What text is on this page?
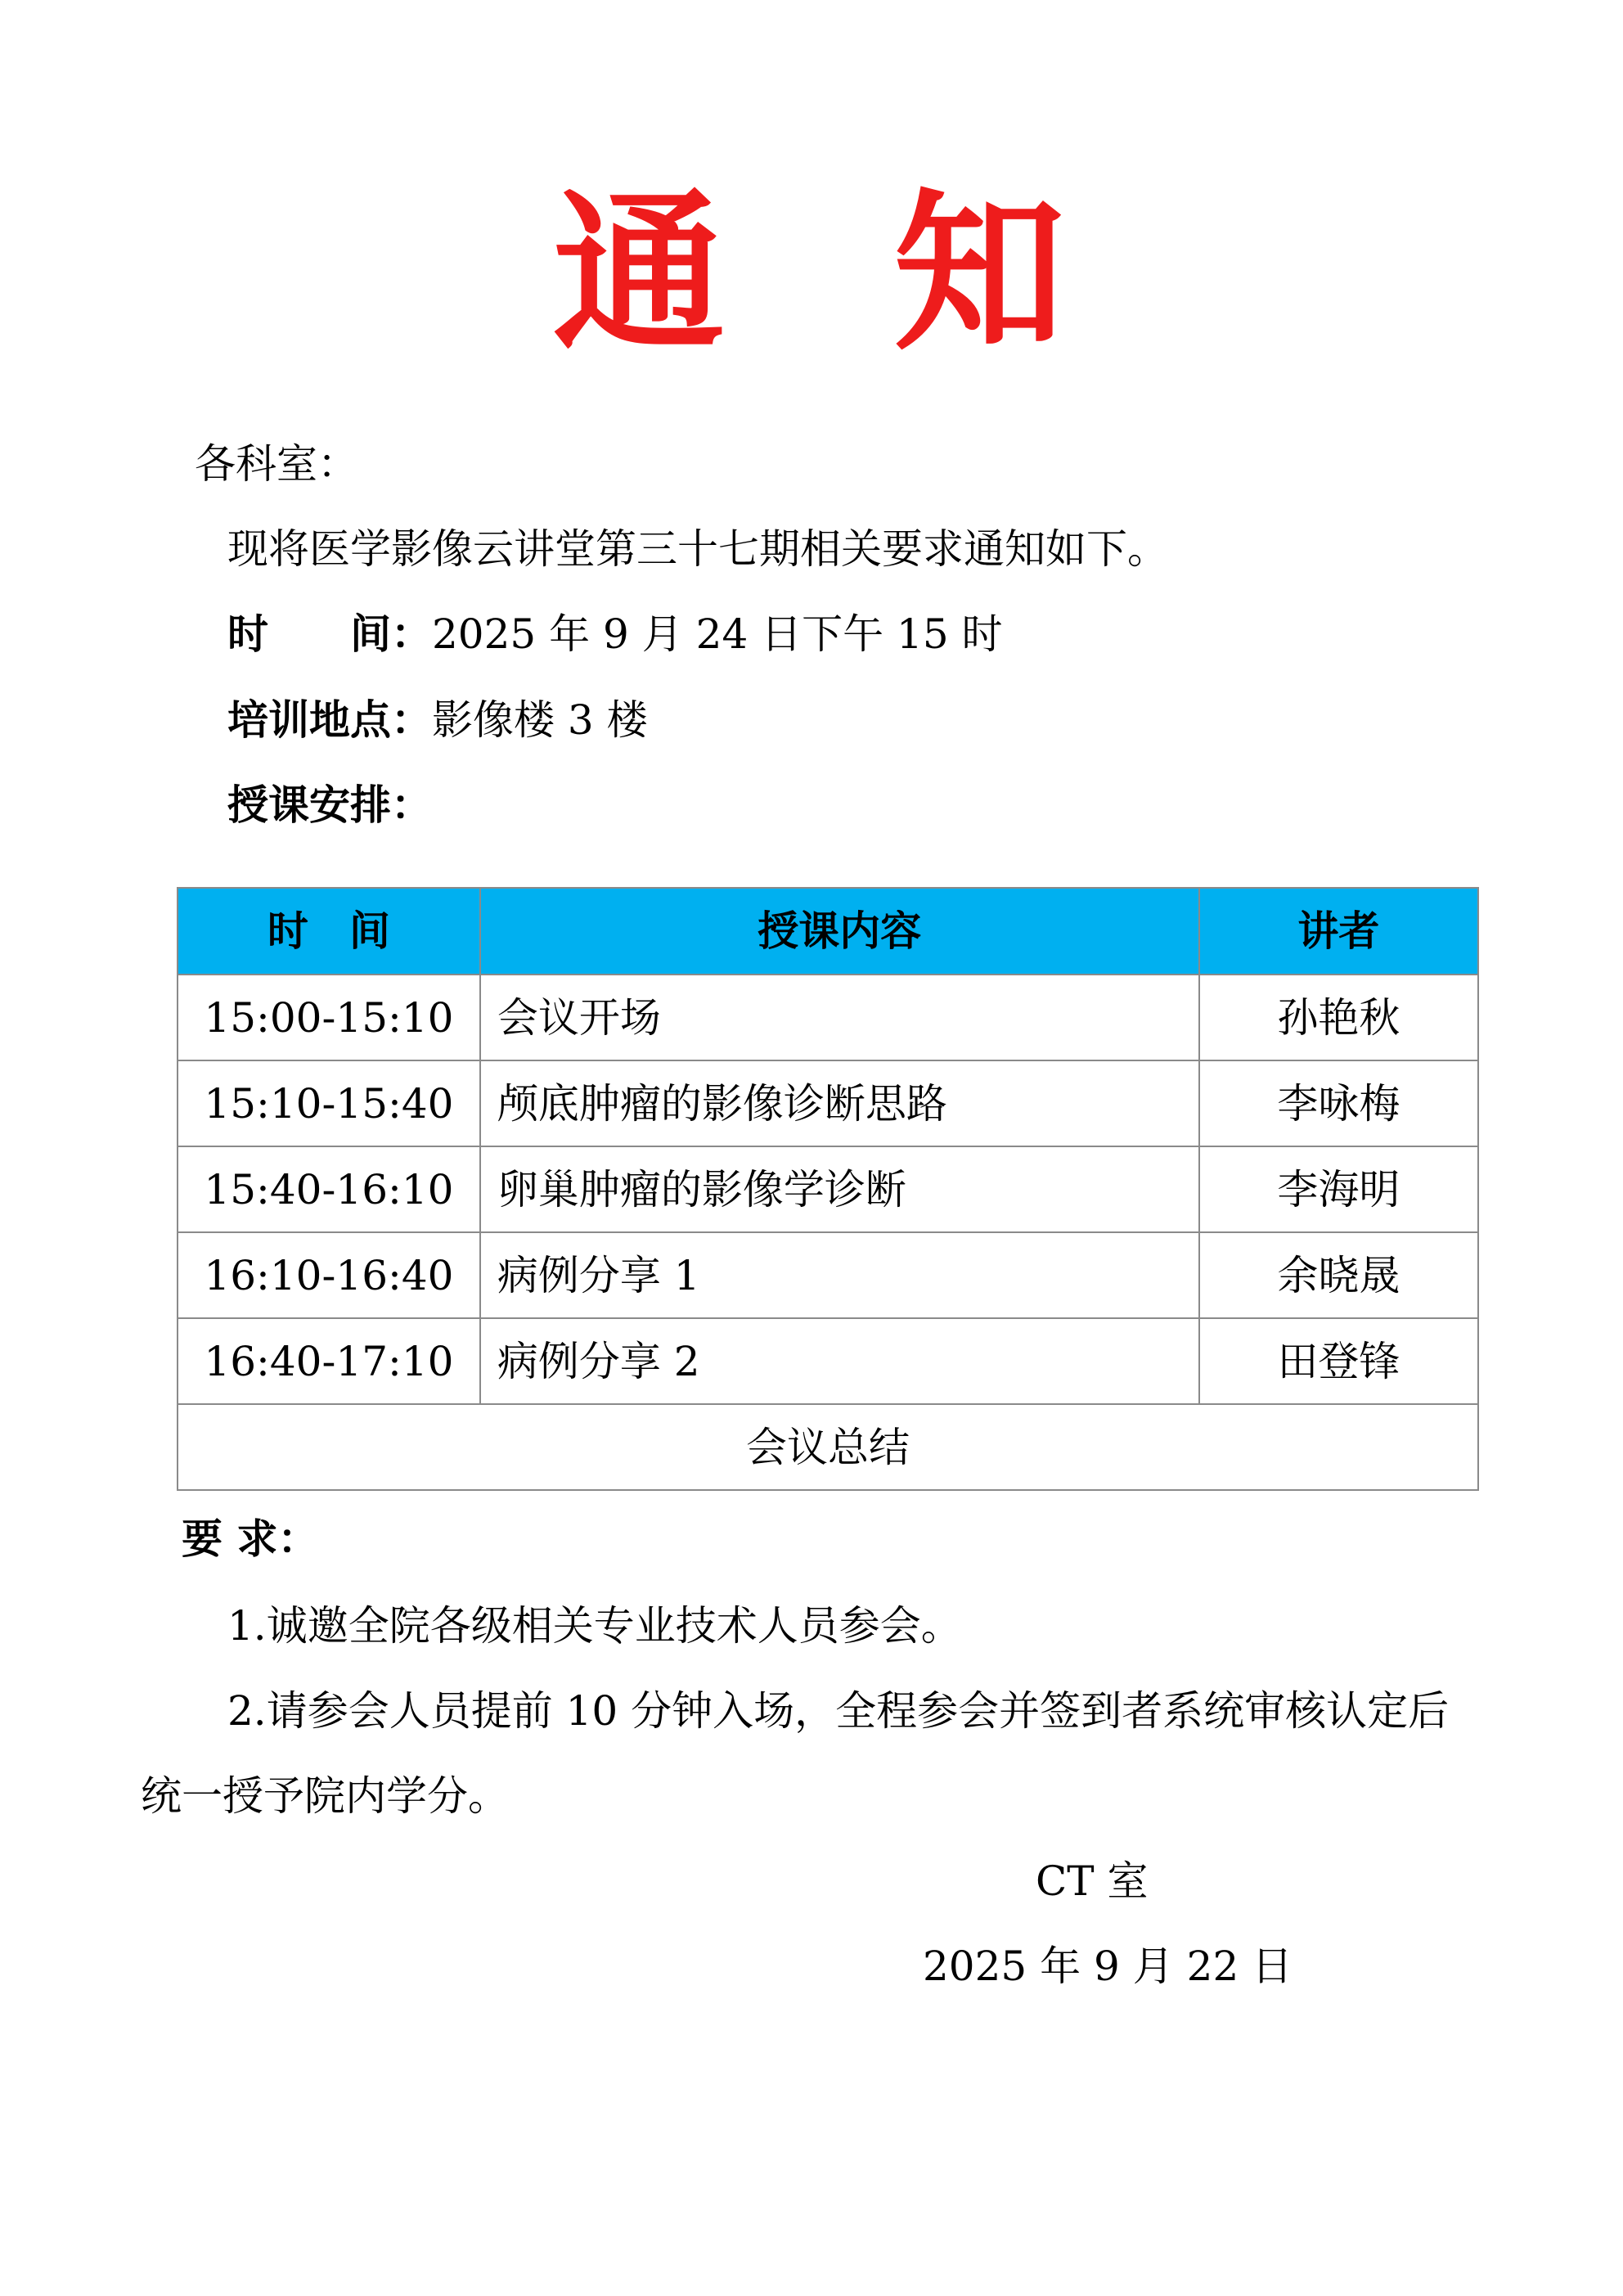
通 知
各科室：
现将医学影像云讲堂第三十七期相关要求通知如下。
时　　间：2025 年 9 月 24 日下午 15 时
培训地点：影像楼 3 楼
授课安排：
时　间	授课内容	讲者
15:00-15:10	会议开场	孙艳秋
15:10-15:40	颅底肿瘤的影像诊断思路	李咏梅
15:40-16:10	卵巢肿瘤的影像学诊断	李海明
16:10-16:40	病例分享 1	余晓晟
16:40-17:10	病例分享 2	田登锋
会议总结		
要 求：
1.诚邀全院各级相关专业技术人员参会。
2.请参会人员提前 10 分钟入场，全程参会并签到者系统审核认定后
统一授予院内学分。
CT 室
2025 年 9 月 22 日
